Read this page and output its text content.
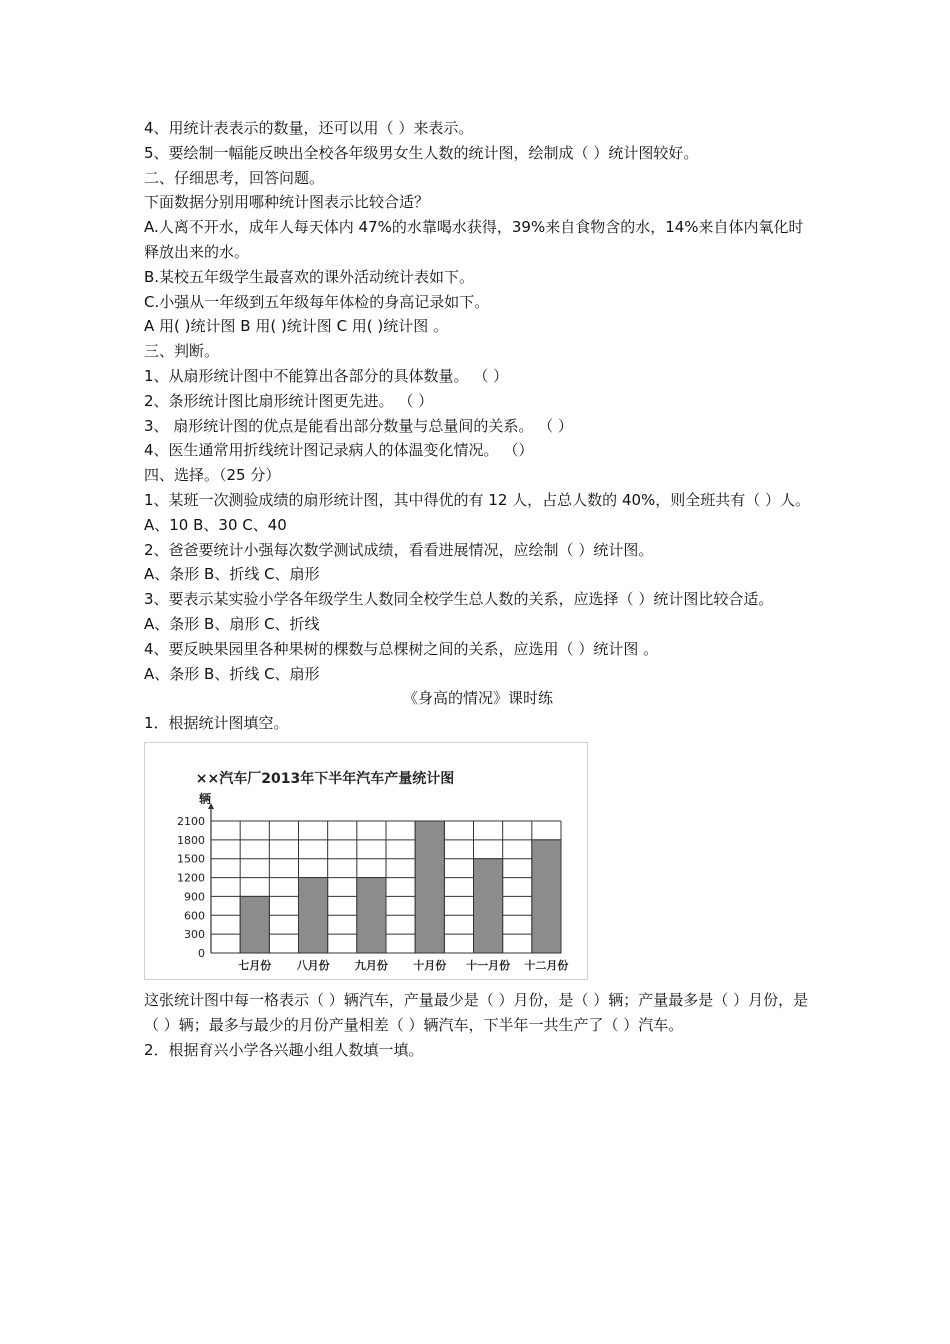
4、用统计表表示的数量，还可以用（ ）来表示。
5、要绘制一幅能反映出全校各年级男女生人数的统计图，绘制成（ ）统计图较好。
二、仔细思考，回答问题。
下面数据分别用哪种统计图表示比较合适？
A.人离不开水，成年人每天体内 47%的水靠喝水获得，39%来自食物含的水，14%来自体内氧化时释放出来的水。
B.某校五年级学生最喜欢的课外活动统计表如下。
C.小强从一年级到五年级每年体检的身高记录如下。
A 用( )统计图 B 用( )统计图 C 用( )统计图 。
三、判断。
1、从扇形统计图中不能算出各部分的具体数量。 （ ）
2、条形统计图比扇形统计图更先进。 （ ）
3、 扇形统计图的优点是能看出部分数量与总量间的关系。 （ ）
4、医生通常用折线统计图记录病人的体温变化情况。 （）
四、选择。（25 分）
1、某班一次测验成绩的扇形统计图，其中得优的有 12 人，占总人数的 40%，则全班共有（ ）人。
A、10 B、30 C、40
2、爸爸要统计小强每次数学测试成绩，看看进展情况，应绘制（ ）统计图。
A、条形 B、折线 C、扇形
3、要表示某实验小学各年级学生人数同全校学生总人数的关系，应选择（ ）统计图比较合适。
A、条形 B、扇形 C、折线
4、要反映果园里各种果树的棵数与总棵树之间的关系，应选用（ ）统计图 。
A、条形 B、折线 C、扇形
《身高的情况》课时练
1．根据统计图填空。
××汽车厂2013年下半年汽车产量统计图
辆
0
300
600
900
1200
1500
1800
2100
七月份 八月份 九月份 十月份 十一月份 十二月份
这张统计图中每一格表示（ ）辆汽车，产量最少是（ ）月份，是（ ）辆；产量最多是（ ）月份，是（ ）辆；最多与最少的月份产量相差（ ）辆汽车，下半年一共生产了（ ）汽车。
2．根据育兴小学各兴趣小组人数填一填。
